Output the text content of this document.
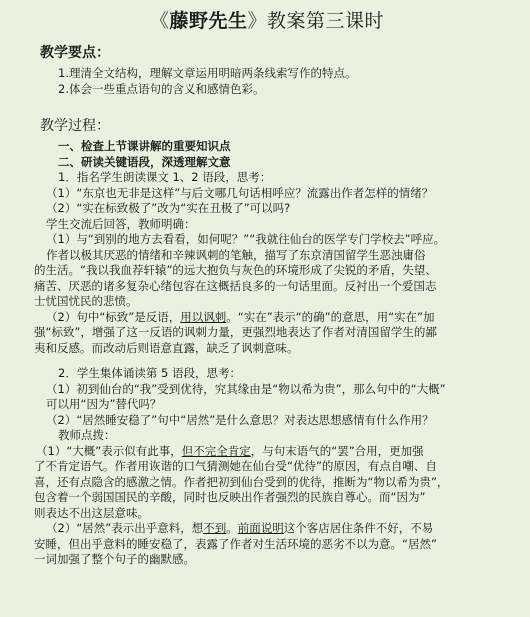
《藤野先生》教案第三课时
教学要点：
1.理清全文结构，理解文章运用明暗两条线索写作的特点。
2.体会一些重点语句的含义和感情色彩。
教学过程：
一、检查上节课讲解的重要知识点
二、研读关键语段，深透理解文意
1．指名学生朗读课文 1、2 语段，思考：
（1）“东京也无非是这样”与后文哪几句话相呼应？流露出作者怎样的情绪？
（2）“实在标致极了”改为“实在丑极了”可以吗?
学生交流后回答，教师明确：
（1）与“到别的地方去看看，如何呢？”“我就往仙台的医学专门学校去”呼应。
作者以极其厌恶的情绪和辛辣讽刺的笔触，描写了东京清国留学生恶浊庸俗
的生活。“我以我血荐轩辕”的远大抱负与灰色的环境形成了尖锐的矛盾，失望、
痛苦、厌恶的诸多复杂心绪包容在这概括良多的一句话里面。反衬出一个爱国志
士忧国忧民的悲愤。
（2）句中“标致”是反语，用以讽刺。“实在”表示“的确”的意思，用“实在”加
强“标致”，增强了这一反语的讽刺力量，更强烈地表达了作者对清国留学生的鄙
夷和反感。而改动后则语意直露，缺乏了讽刺意味。
2．学生集体诵读第 5 语段，思考：
（1）初到仙台的“我”受到优待，究其缘由是“物以希为贵”，那么句中的“大概”
可以用“因为”替代吗？
（2）“居然睡安稳了”句中“居然”是什么意思？对表达思想感情有什么作用？
教师点拨：
（1）“大概”表示似有此事，但不完全肯定，与句末语气的“罢”合用，更加强
了不肯定语气。作者用诙谐的口气猜测她在仙台受“优待”的原因，有点自嘲、自
喜，还有点隐含的感激之情。作者把初到仙台受到的优待，推断为“物以希为贵”，
包含着一个弱国国民的辛酸，同时也反映出作者强烈的民族自尊心。而“因为”
则表达不出这层意味。
（2）“居然”表示出乎意料，想不到。前面说明这个客店居住条件不好，不易
安睡，但出乎意料的睡安稳了，表露了作者对生活环境的恶劣不以为意。“居然”
一词加强了整个句子的幽默感。
